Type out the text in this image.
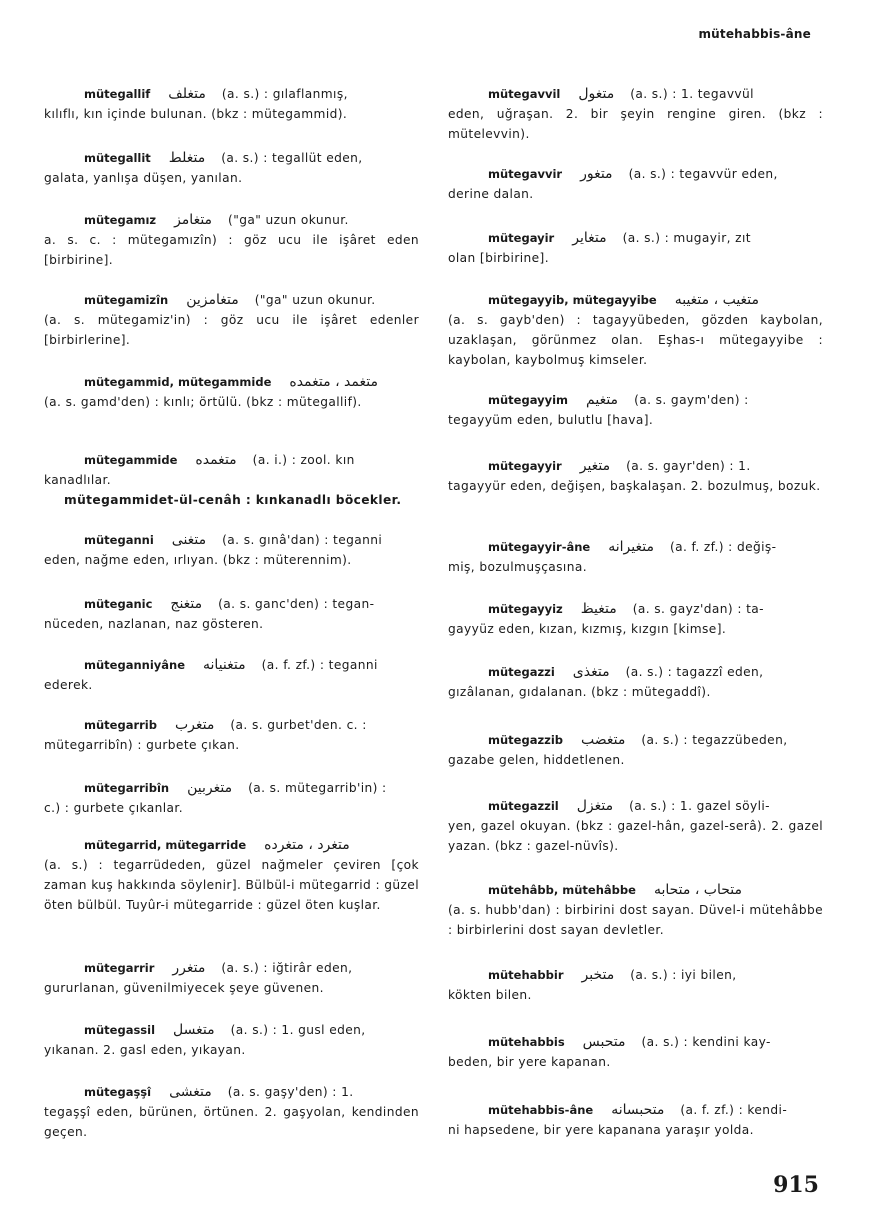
mütehabbis-âne
mütegallif متغلف (a. s.) : gılaflanmış,
kılıflı, kın içinde bulunan. (bkz : mütegammid).
mütegallit متغلط (a. s.) : tegallüt eden,
galata, yanlışa düşen, yanılan.
mütegamız متغامز ("ga" uzun okunur.
a. s. c. : mütegamızîn) : göz ucu ile işâret eden [birbirine].
mütegamizîn متغامزين ("ga" uzun okunur.
(a. s. mütegamiz'in) : göz ucu ile işâret edenler [birbirlerine].
mütegammid, mütegammide متغمد ، متغمده
(a. s. gamd'den) : kınlı; örtülü. (bkz : mütegallif).
mütegammide متغمده (a. i.) : zool. kın
kanadlılar.
mütegammidet-ül-cenâh : kınkanadlı böcekler.
müteganni متغنى (a. s. gınâ'dan) : teganni
eden, nağme eden, ırlıyan. (bkz : müterennim).
müteganic متغنج (a. s. ganc'den) : tegan-
nüceden, nazlanan, naz gösteren.
müteganniyâne متغنيانه (a. f. zf.) : teganni
ederek.
mütegarrib متغرب (a. s. gurbet'den. c. :
mütegarribîn) : gurbete çıkan.
mütegarribîn متغربين (a. s. mütegarrib'in) :
c.) : gurbete çıkanlar.
mütegarrid, mütegarride متغرد ، متغرده
(a. s.) : tegarrüdeden, güzel nağmeler çeviren [çok zaman kuş hakkında söylenir]. Bülbül-i mütegarrid : güzel öten bülbül. Tuyûr-i mütegarride : güzel öten kuşlar.
mütegarrir متغرر (a. s.) : iğtirâr eden,
gururlanan, güvenilmiyecek şeye güvenen.
mütegassil متغسل (a. s.) : 1. gusl eden,
yıkanan. 2. gasl eden, yıkayan.
mütegaşşî متغشى (a. s. gaşy'den) : 1.
tegaşşî eden, bürünen, örtünen. 2. gaşyolan, kendinden geçen.
mütegavvil متغول (a. s.) : 1. tegavvül
eden, uğraşan. 2. bir şeyin rengine giren. (bkz : mütelevvin).
mütegavvir متغور (a. s.) : tegavvür eden,
derine dalan.
mütegayir متغاير (a. s.) : mugayir, zıt
olan [birbirine].
mütegayyib, mütegayyibe متغيب ، متغيبه
(a. s. gayb'den) : tagayyübeden, gözden kaybolan, uzaklaşan, görünmez olan. Eşhas-ı mütegayyibe : kaybolan, kaybolmuş kimseler.
mütegayyim متغيم (a. s. gaym'den) :
tegayyüm eden, bulutlu [hava].
mütegayyir متغير (a. s. gayr'den) : 1.
tagayyür eden, değişen, başkalaşan. 2. bozulmuş, bozuk.
mütegayyir-âne متغيرانه (a. f. zf.) : değiş-
miş, bozulmuşçasına.
mütegayyiz متغيظ (a. s. gayz'dan) : ta-
gayyüz eden, kızan, kızmış, kızgın [kimse].
mütegazzi متغذى (a. s.) : tagazzî eden,
gızâlanan, gıdalanan. (bkz : mütegaddî).
mütegazzib متغضب (a. s.) : tegazzübeden,
gazabe gelen, hiddetlenen.
mütegazzil متغزل (a. s.) : 1. gazel söyli-
yen, gazel okuyan. (bkz : gazel-hân, gazel-serâ). 2. gazel yazan. (bkz : gazel-nüvîs).
mütehâbb, mütehâbbe متحاب ، متحابه
(a. s. hubb'dan) : birbirini dost sayan. Düvel-i mütehâbbe : birbirlerini dost sayan devletler.
mütehabbir متخبر (a. s.) : iyi bilen,
kökten bilen.
mütehabbis متحبس (a. s.) : kendini kay-
beden, bir yere kapanan.
mütehabbis-âne متحبسانه (a. f. zf.) : kendi-
ni hapsedene, bir yere kapanana yaraşır yolda.
915
